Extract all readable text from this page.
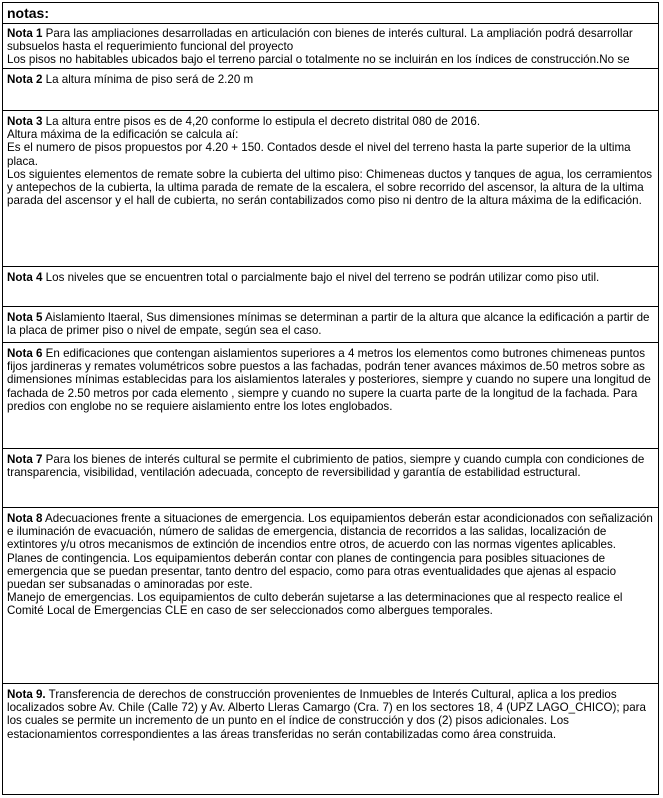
notas:
Nota 1 Para las ampliaciones desarrolladas en articulación con bienes de interés cultural. La ampliación podrá desarrollar subsuelos hasta el requerimiento funcional del proyecto
Los pisos no habitables ubicados bajo el terreno parcial o totalmente no se incluirán en los índices de construcción.No se
Nota 2 La altura mínima de piso será de 2.20 m
Nota 3 La altura entre pisos es de 4,20 conforme lo estipula el decreto distrital 080 de 2016.
Altura máxima de la edificación se calcula aí:
Es el numero de pisos propuestos por 4.20 + 150. Contados desde el nivel del terreno hasta la parte superior de la ultima placa.
Los siguientes elementos de remate sobre la cubierta del ultimo piso: Chimeneas ductos y tanques de agua, los cerramientos y antepechos de la cubierta, la ultima parada de remate de la escalera, el sobre recorrido del ascensor, la altura de la ultima parada del ascensor y el hall de cubierta, no serán contabilizados como piso ni dentro de la altura máxima de la edificación.
Nota 4 Los niveles que se encuentren total o parcialmente bajo el nivel del terreno se podrán utilizar como piso util.
Nota 5 Aislamiento ltaeral, Sus dimensiones mínimas se determinan a partir de la altura que alcance la edificación a partir de la placa de primer piso o nivel de empate, según sea el caso.
Nota 6 En edificaciones que contengan aislamientos superiores a 4 metros los elementos como butrones chimeneas puntos fijos jardineras y remates volumétricos sobre puestos a las fachadas, podrán tener avances máximos de.50 metros sobre as dimensiones mínimas establecidas para los aislamientos laterales y posteriores, siempre y cuando no supere una longitud de fachada de 2.50 metros por cada elemento , siempre y cuando no supere la cuarta parte de la longitud de la fachada. Para predios con englobe no se requiere aislamiento entre los lotes englobados.
Nota 7 Para los bienes de interés cultural se permite el cubrimiento de patios, siempre y cuando cumpla con condiciones de transparencia, visibilidad, ventilación adecuada, concepto de reversibilidad y garantía de estabilidad estructural.
Nota 8 Adecuaciones frente a situaciones de emergencia. Los equipamientos deberán estar acondicionados con señalización e iluminación de evacuación, número de salidas de emergencia, distancia de recorridos a las salidas, localización de extintores y/u otros mecanismos de extinción de incendios entre otros, de acuerdo con las normas vigentes aplicables.
Planes de contingencia. Los equipamientos deberán contar con planes de contingencia para posibles situaciones de emergencia que se puedan presentar, tanto dentro del espacio, como para otras eventualidades que ajenas al espacio puedan ser subsanadas o aminoradas por este.
Manejo de emergencias. Los equipamientos de culto deberán sujetarse a las determinaciones que al respecto realice el Comité Local de Emergencias CLE en caso de ser seleccionados como albergues temporales.
Nota 9. Transferencia de derechos de construcción provenientes de Inmuebles de Interés Cultural, aplica a los predios localizados sobre Av. Chile (Calle 72) y Av. Alberto Lleras Camargo (Cra. 7) en los sectores 18, 4 (UPZ LAGO_CHICO); para los cuales se permite un incremento de un punto en el índice de construcción y dos (2) pisos adicionales. Los estacionamientos correspondientes a las áreas transferidas no serán contabilizadas como área construida.
